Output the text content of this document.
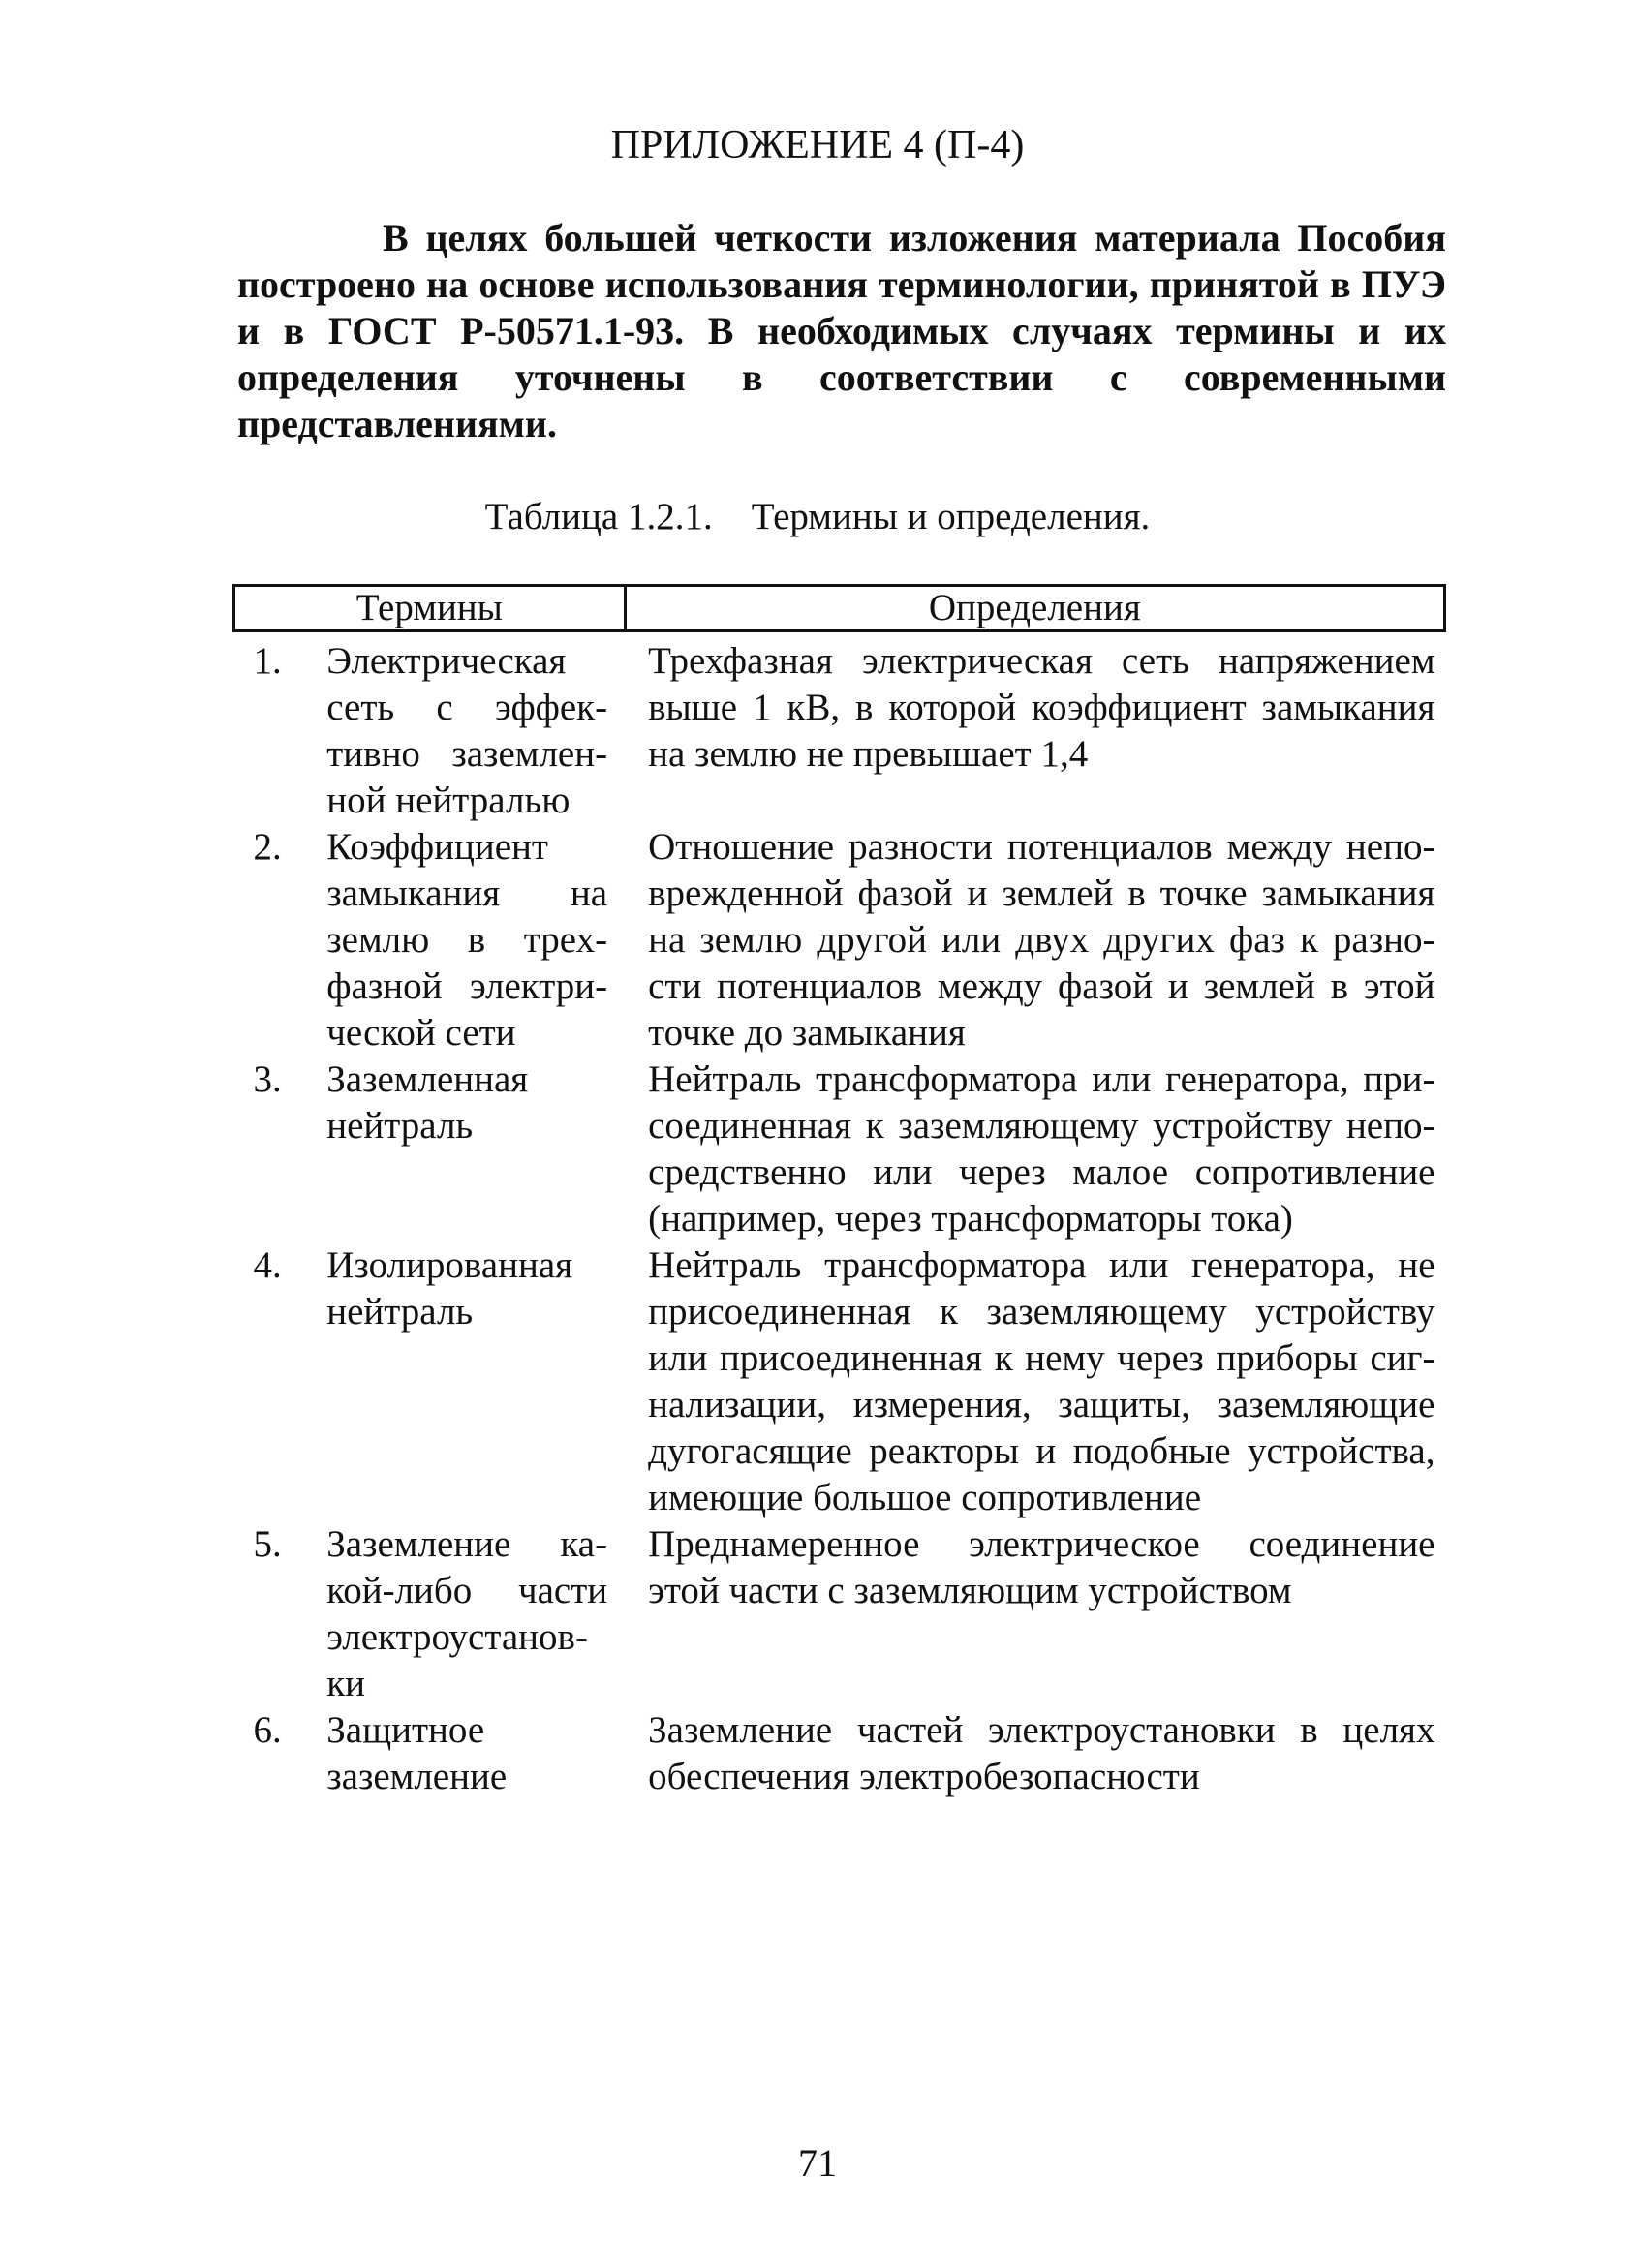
ПРИЛОЖЕНИЕ 4 (П-4)

В целях большей четкости изложения материала Пособия построено на основе использования терминологии, принятой в ПУЭ и в ГОСТ Р-50571.1-93. В необходимых случаях термины и их определения уточнены в соответствии с современными представлениями.

Таблица 1.2.1. Термины и определения.

Термины		Определения
1.	Электрическая сеть с эффективно заземленной нейтралью	Трехфазная электрическая сеть напряжением выше 1 кВ, в которой коэффициент замыкания на землю не превышает 1,4
2.	Коэффициент замыкания на землю в трехфазной электрической сети	Отношение разности потенциалов между неповрежденной фазой и землей в точке замыкания на землю другой или двух других фаз к разности потенциалов между фазой и землей в этой точке до замыкания
3.	Заземленная нейтраль	Нейтраль трансформатора или генератора, присоединенная к заземляющему устройству непосредственно или через малое сопротивление (например, через трансформаторы тока)
4.	Изолированная нейтраль	Нейтраль трансформатора или генератора, не присоединенная к заземляющему устройству или присоединенная к нему через приборы сигнализации, измерения, защиты, заземляющие дугогасящие реакторы и подобные устройства, имеющие большое сопротивление
5.	Заземление какой-либо части электроустановки	Преднамеренное электрическое соединение этой части с заземляющим устройством
6.	Защитное заземление	Заземление частей электроустановки в целях обеспечения электробезопасности

71
